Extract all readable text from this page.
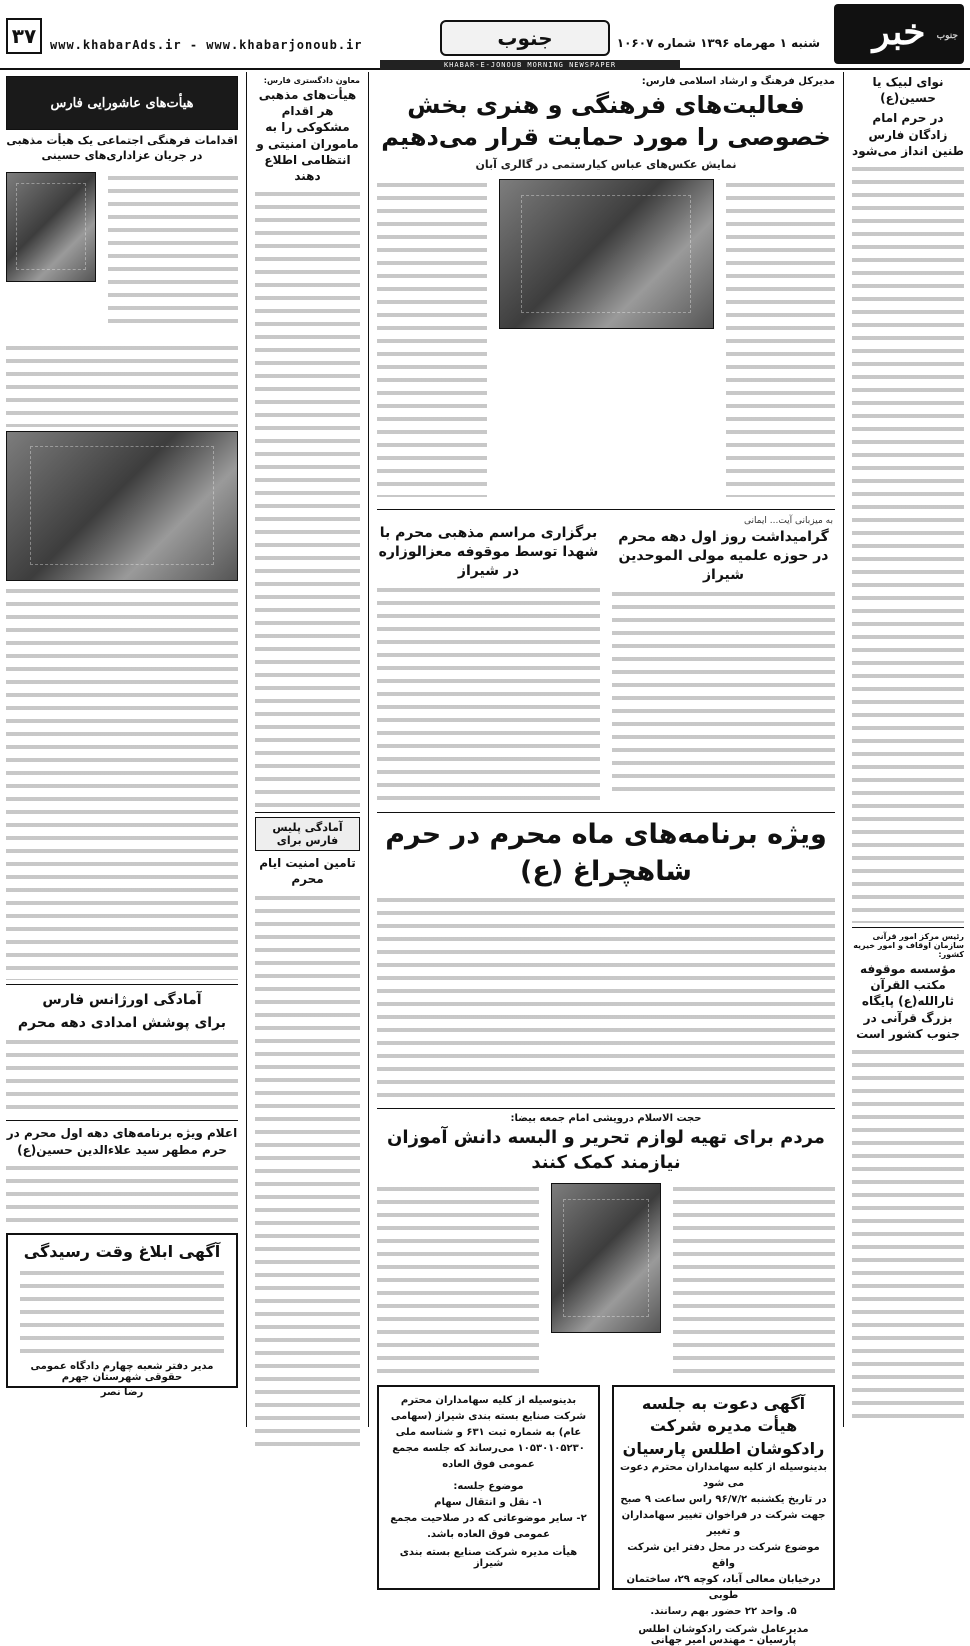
۳۷	www.khabarAds.ir - www.khabarjonoub.ir	جنوب	شنبه ۱ مهرماه ۱۳۹۶ شماره ۱۰۶۰۷	جنوب
خبر
KHABAR-E-JONOUB MORNING NEWSPAPER
نوای لبیک یا حسین(ع)
در حرم امام زادگان فارس طنین انداز می‌شود
رئیس مرکز امور قرآنی سازمان اوقاف و امور خیریه کشور:
مؤسسه موقوفه مکتب القرآن ثارالله(ع) پایگاه بزرگ قرآنی در جنوب کشور است
مدیرکل فرهنگ و ارشاد اسلامی فارس:
فعالیت‌های فرهنگی و هنری بخش خصوصی را مورد حمایت قرار می‌دهیم
نمایش عکس‌های عباس کیارستمی در گالری آبان
به میزبانی آیت... ایمانی
گرامیداشت روز اول دهه محرم در حوزه علمیه مولی الموحدین شیراز
برگزاری مراسم مذهبی محرم با شهدا توسط موقوفه معزالوزاره در شیراز
ویژه برنامه‌های ماه محرم در حرم شاهچراغ (ع)
حجت الاسلام درویشی امام جمعه بیضا:
مردم برای تهیه لوازم تحریر و البسه دانش آموزان نیازمند کمک کنند
آگهی دعوت به جلسه هیأت مدیره شرکت رادکوشان اطلس پارسیان
بدینوسیله از کلیه سهامداران محترم دعوت می شود
در تاریخ یکشنبه ۹۶/۷/۲ راس ساعت ۹ صبح
جهت شرکت در فراخوان تغییر سهامداران و تغییر
موضوع شرکت در محل دفتر این شرکت واقع
درخیابان معالی آباد، کوچه ۲۹، ساختمان طوبی
۵. واحد ۲۲ حضور بهم رسانند.
مدیرعامل شرکت رادکوشان اطلس پارسیان - مهندس امیر جهانی
بدینوسیله از کلیه سهامداران محترم شرکت صنایع بسته بندی شیراز (سهامی عام) به شماره ثبت ۶۳۱ و شناسه ملی ۱۰۵۳۰۱۰۵۲۳۰ می‌رساند که جلسه مجمع عمومی فوق العاده
موضوع جلسه:
۱- نقل و انتقال سهام
۲- سایر موضوعاتی که در صلاحیت مجمع عمومی فوق العاده باشد.
هیأت مدیره شرکت صنایع بسته بندی شیراز
معاون دادگستری فارس:
هیأت‌های مذهبی هر اقدام مشکوکی را به ماموران امنیتی و انتظامی اطلاع دهند
آمادگی پلیس فارس برای
تامین امنیت ایام محرم
هیأت‌های عاشورایی فارس
اقدامات فرهنگی اجتماعی یک هیأت مذهبی در جریان عزاداری‌های حسینی
آمادگی اورژانس فارس
برای پوشش امدادی دهه محرم
اعلام ویژه برنامه‌های دهه اول محرم در حرم مطهر سید علاءالدین حسین(ع)
آگهی ابلاغ وقت رسیدگی
مدیر دفتر شعبه چهارم دادگاه عمومی حقوقی شهرستان جهرم
رضا نصر
